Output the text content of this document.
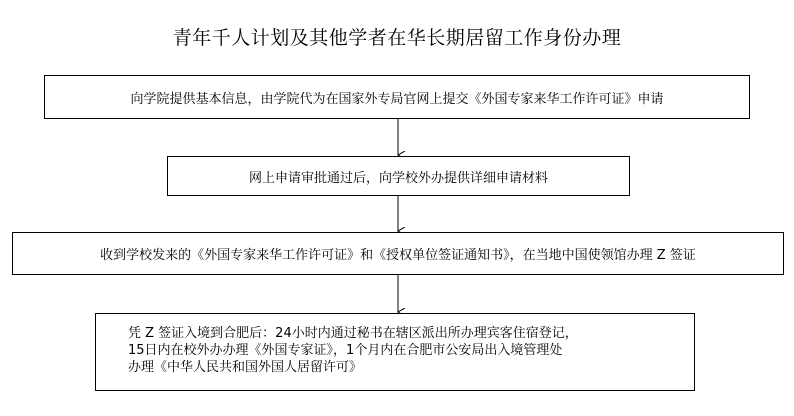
青年千人计划及其他学者在华长期居留工作身份办理
向学院提供基本信息，由学院代为在国家外专局官网上提交《外国专家来华工作许可证》申请
网上申请审批通过后，向学校外办提供详细申请材料
收到学校发来的《外国专家来华工作许可证》和《授权单位签证通知书》，在当地中国使领馆办理 Z 签证
凭 Z 签证入境到合肥后：24小时内通过秘书在辖区派出所办理宾客住宿登记，
15日内在校外办办理《外国专家证》，1个月内在合肥市公安局出入境管理处
办理《中华人民共和国外国人居留许可》
